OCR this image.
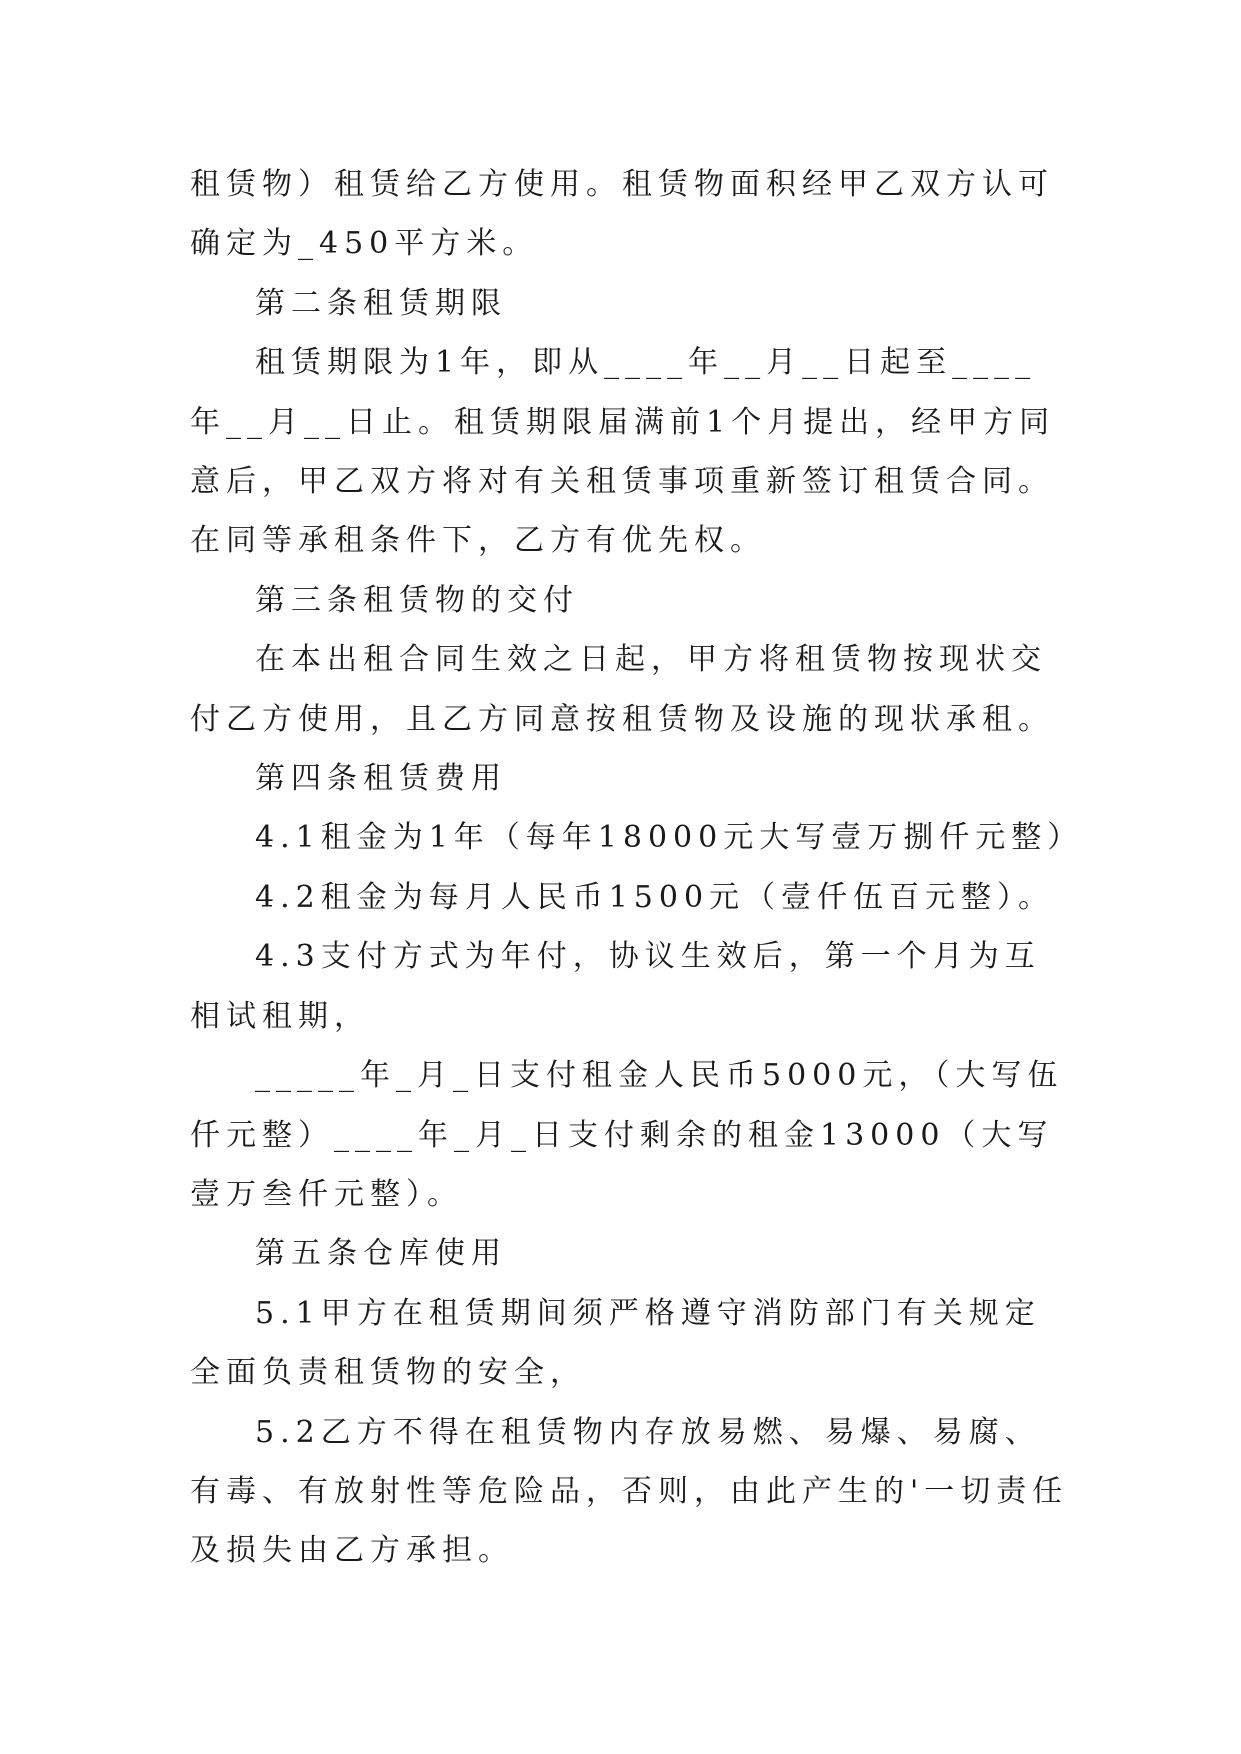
租赁物）租赁给乙方使用。租赁物面积经甲乙双方认可确定为_450平方米。

第二条租赁期限

租赁期限为1年，即从____年__月__日起至____年__月__日止。租赁期限届满前1个月提出，经甲方同意后，甲乙双方将对有关租赁事项重新签订租赁合同。在同等承租条件下，乙方有优先权。

第三条租赁物的交付

在本出租合同生效之日起，甲方将租赁物按现状交付乙方使用，且乙方同意按租赁物及设施的现状承租。

第四条租赁费用

4.1租金为1年（每年18000元大写壹万捌仟元整）

4.2租金为每月人民币1500元（壹仟伍百元整）。

4.3支付方式为年付，协议生效后，第一个月为互相试租期，

_____年_月_日支付租金人民币5000元，（大写伍仟元整）____年_月_日支付剩余的租金13000（大写壹万叁仟元整）。

第五条仓库使用

5.1甲方在租赁期间须严格遵守消防部门有关规定全面负责租赁物的安全，

5.2乙方不得在租赁物内存放易燃、易爆、易腐、有毒、有放射性等危险品，否则，由此产生的'一切责任及损失由乙方承担。
